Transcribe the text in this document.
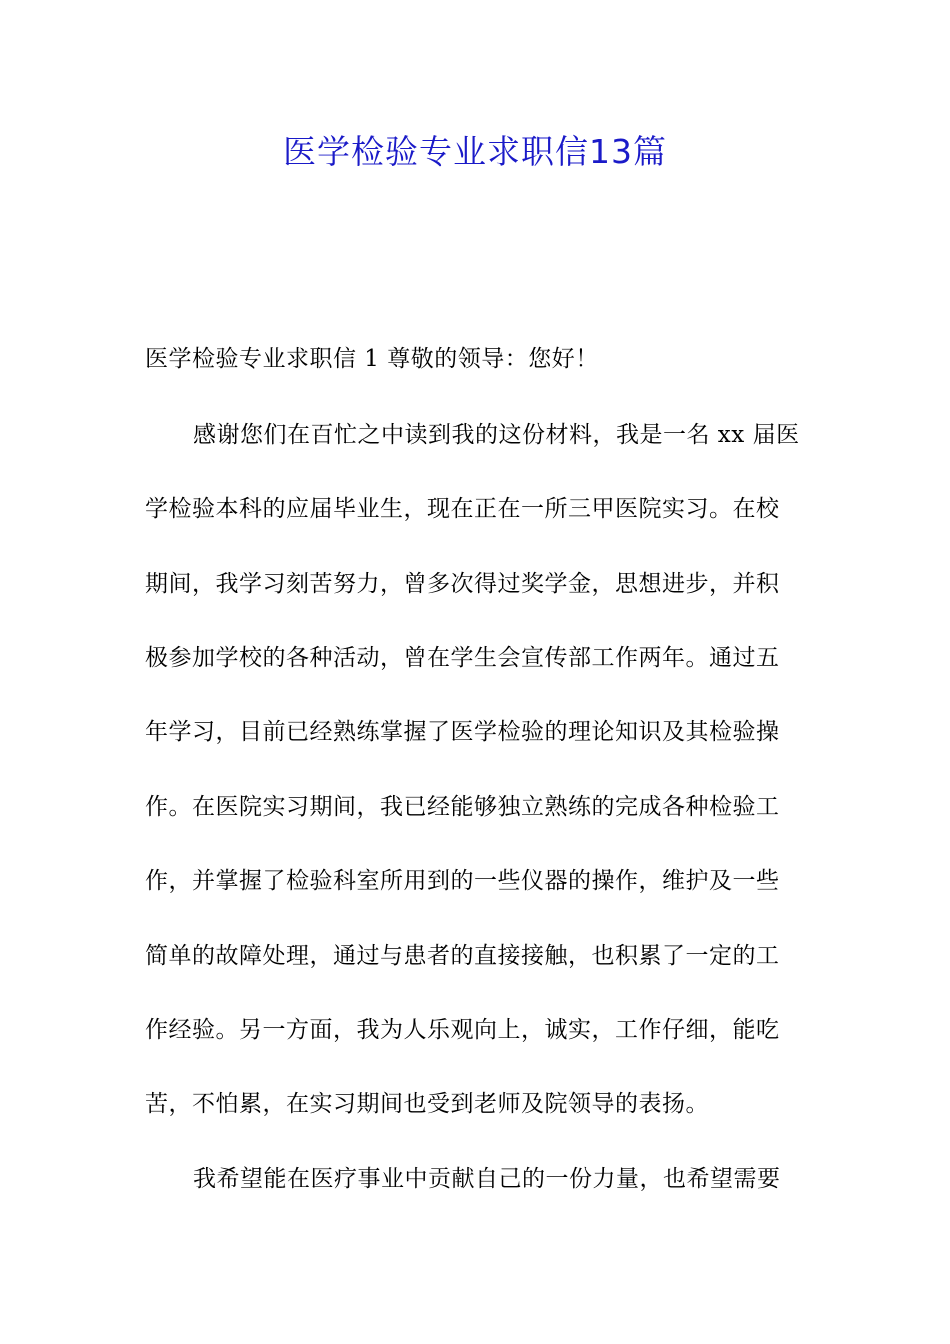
医学检验专业求职信13篇
医学检验专业求职信 1 尊敬的领导：您好！
感谢您们在百忙之中读到我的这份材料，我是一名 xx 届医
学检验本科的应届毕业生，现在正在一所三甲医院实习。在校
期间，我学习刻苦努力，曾多次得过奖学金，思想进步，并积
极参加学校的各种活动，曾在学生会宣传部工作两年。通过五
年学习，目前已经熟练掌握了医学检验的理论知识及其检验操
作。在医院实习期间，我已经能够独立熟练的完成各种检验工
作，并掌握了检验科室所用到的一些仪器的操作，维护及一些
简单的故障处理，通过与患者的直接接触，也积累了一定的工
作经验。另一方面，我为人乐观向上，诚实，工作仔细，能吃
苦，不怕累，在实习期间也受到老师及院领导的表扬。
我希望能在医疗事业中贡献自己的一份力量，也希望需要
